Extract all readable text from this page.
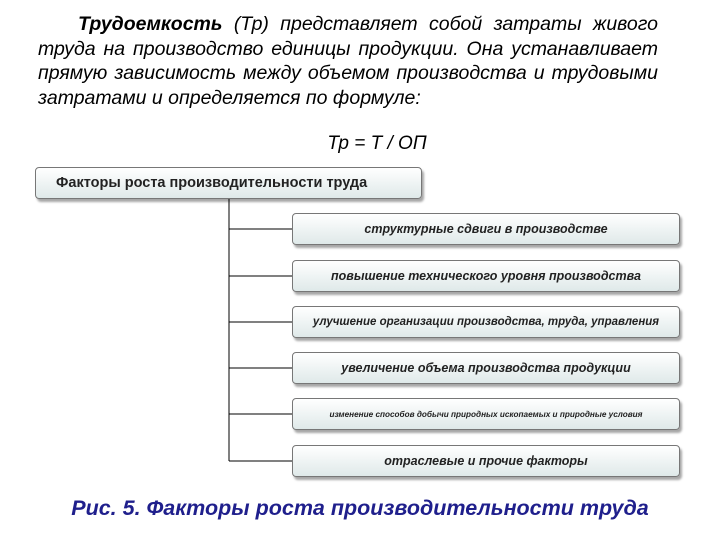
Трудоемкость (Тр) представляет собой затраты живого труда на производство единицы продукции. Она устанавливает прямую зависимость между объемом производства и трудовыми затратами и определяется по формуле:

Тр = Т / ОП

Факторы роста производительности труда
структурные сдвиги в производстве
повышение технического уровня производства
улучшение организации производства, труда, управления
увеличение объема производства продукции
изменение способов добычи природных ископаемых и природные условия
отраслевые и прочие факторы

Рис. 5. Факторы роста производительности труда
